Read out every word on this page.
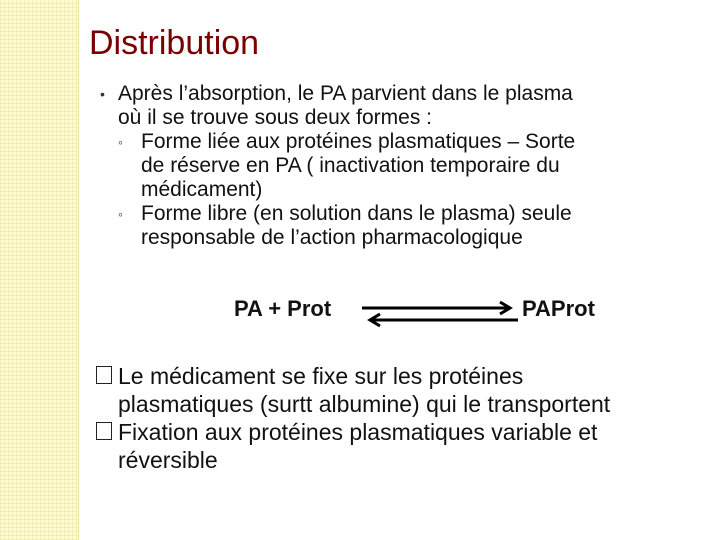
Distribution
• Après l’absorption, le PA parvient dans le plasma
où il se trouve sous deux formes :
◦ Forme liée aux protéines plasmatiques – Sorte
de réserve en PA ( inactivation temporaire du
médicament)
◦ Forme libre (en solution dans le plasma) seule
responsable de l’action pharmacologique
PA + Prot	PAProt
Le médicament se fixe sur les protéines
plasmatiques (surtt albumine) qui le transportent
Fixation aux protéines plasmatiques variable et
réversible
